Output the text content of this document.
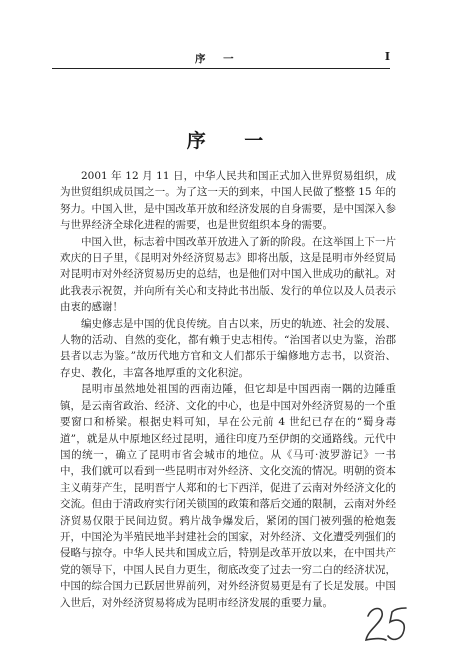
序 一	I
序 一

2001 年 12 月 11 日，中华人民共和国正式加入世界贸易组织，成为世贸组织成员国之一。为了这一天的到来，中国人民做了整整 15 年的努力。中国入世，是中国改革开放和经济发展的自身需要，是中国深入参与世界经济全球化进程的需要，也是世贸组织本身的需要。

中国入世，标志着中国改革开放进入了新的阶段。在这举国上下一片欢庆的日子里，《昆明对外经济贸易志》即将出版，这是昆明市外经贸局对昆明市对外经济贸易历史的总结，也是他们对中国入世成功的献礼。对此我表示祝贺，并向所有关心和支持此书出版、发行的单位以及人员表示由衷的感谢！

编史修志是中国的优良传统。自古以来，历史的轨迹、社会的发展、人物的活动、自然的变化，都有赖于史志相传。“治国者以史为鉴，治郡县者以志为鉴。”故历代地方官和文人们都乐于编修地方志书，以资治、存史、教化，丰富各地厚重的文化积淀。

昆明市虽然地处祖国的西南边陲，但它却是中国西南一隅的边陲重镇，是云南省政治、经济、文化的中心，也是中国对外经济贸易的一个重要窗口和桥梁。根据史料可知，早在公元前 4 世纪已存在的“蜀身毒道”，就是从中原地区经过昆明，通往印度乃至伊朗的交通路线。元代中国的统一，确立了昆明市省会城市的地位。从《马可·波罗游记》一书中，我们就可以看到一些昆明市对外经济、文化交流的情况。明朝的资本主义萌芽产生，昆明晋宁人郑和的七下西洋，促进了云南对外经济文化的交流。但由于清政府实行闭关锁国的政策和落后交通的限制，云南对外经济贸易仅限于民间边贸。鸦片战争爆发后，紧闭的国门被列强的枪炮轰开，中国沦为半殖民地半封建社会的国家，对外经济、文化遭受列强们的侵略与掠夺。中华人民共和国成立后，特别是改革开放以来，在中国共产党的领导下，中国人民自力更生，彻底改变了过去一穷二白的经济状况，中国的综合国力已跃居世界前列，对外经济贸易更是有了长足发展。中国入世后，对外经济贸易将成为昆明市经济发展的重要力量。
